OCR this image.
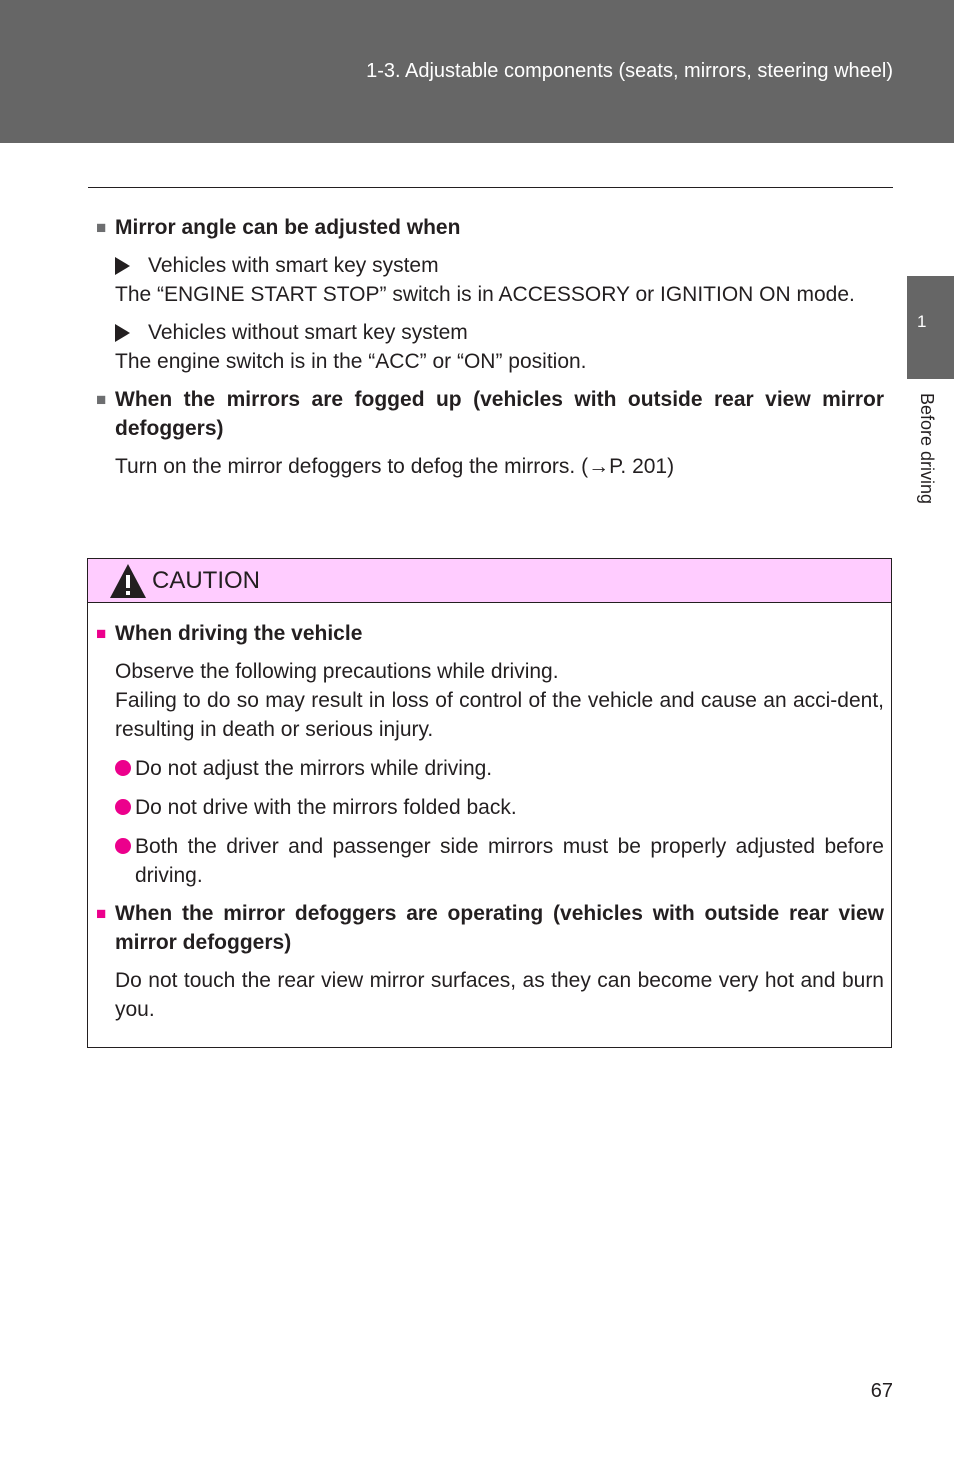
1-3. Adjustable components (seats, mirrors, steering wheel)
1
Before driving
■ Mirror angle can be adjusted when
Vehicles with smart key system
The “ENGINE START STOP” switch is in ACCESSORY or IGNITION ON mode.
Vehicles without smart key system
The engine switch is in the “ACC” or “ON” position.
■ When the mirrors are fogged up (vehicles with outside rear view mirror defoggers)
Turn on the mirror defoggers to defog the mirrors. (→P. 201)
CAUTION
■ When driving the vehicle
Observe the following precautions while driving.
Failing to do so may result in loss of control of the vehicle and cause an acci-dent, resulting in death or serious injury.
Do not adjust the mirrors while driving.
Do not drive with the mirrors folded back.
Both the driver and passenger side mirrors must be properly adjusted before driving.
■ When the mirror defoggers are operating (vehicles with outside rear view mirror defoggers)
Do not touch the rear view mirror surfaces, as they can become very hot and burn you.
67
